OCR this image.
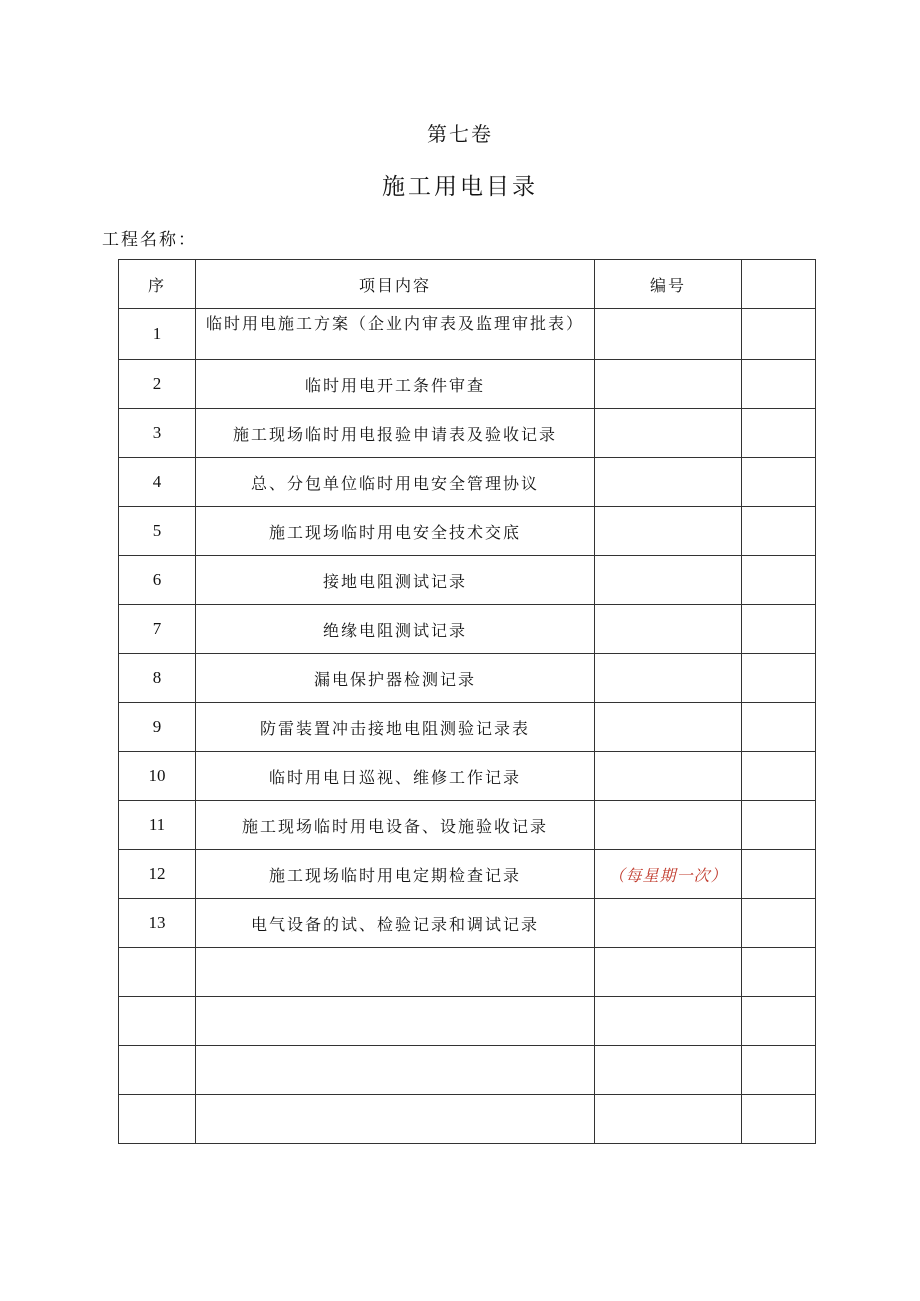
第七卷
施工用电目录
工程名称：
序	项目内容	编号	
1	临时用电施工方案（企业内审表及监理审批表）		
2	临时用电开工条件审查		
3	施工现场临时用电报验申请表及验收记录		
4	总、分包单位临时用电安全管理协议		
5	施工现场临时用电安全技术交底		
6	接地电阻测试记录		
7	绝缘电阻测试记录		
8	漏电保护器检测记录		
9	防雷装置冲击接地电阻测验记录表		
10	临时用电日巡视、维修工作记录		
11	施工现场临时用电设备、设施验收记录		
12	施工现场临时用电定期检查记录	（每星期一次）	
13	电气设备的试、检验记录和调试记录		
